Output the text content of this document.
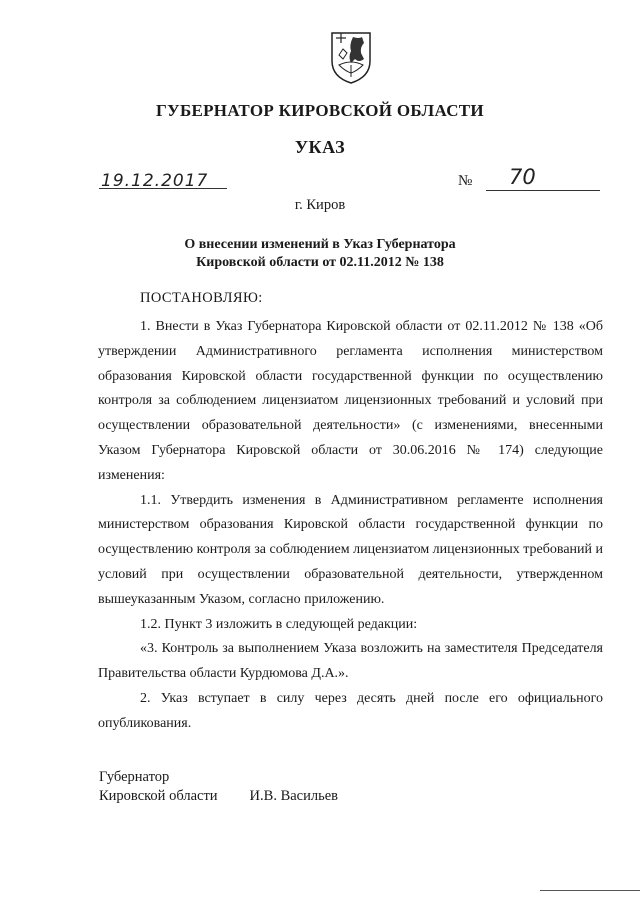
ГУБЕРНАТОР КИРОВСКОЙ ОБЛАСТИ
УКАЗ
19.12.2017	№ 70
г. Киров
О внесении изменений в Указ Губернатора
Кировской области от 02.11.2012 № 138
ПОСТАНОВЛЯЮ:

1. Внести в Указ Губернатора Кировской области от 02.11.2012 № 138 «Об утверждении Административного регламента исполнения министерством образования Кировской области государственной функции по осуществлению контроля за соблюдением лицензиатом лицензионных требований и условий при осуществлении образовательной деятельности» (с изменениями, внесенными Указом Губернатора Кировской области от 30.06.2016 № 174) следующие изменения:

1.1. Утвердить изменения в Административном регламенте исполнения министерством образования Кировской области государственной функции по осуществлению контроля за соблюдением лицензиатом лицензионных требований и условий при осуществлении образовательной деятельности, утвержденном вышеуказанным Указом, согласно приложению.

1.2. Пункт 3 изложить в следующей редакции:

«3. Контроль за выполнением Указа возложить на заместителя Председателя Правительства области Курдюмова Д.А.».

2. Указ вступает в силу через десять дней после его официального опубликования.

Губернатор
Кировской области И.В. Васильев
